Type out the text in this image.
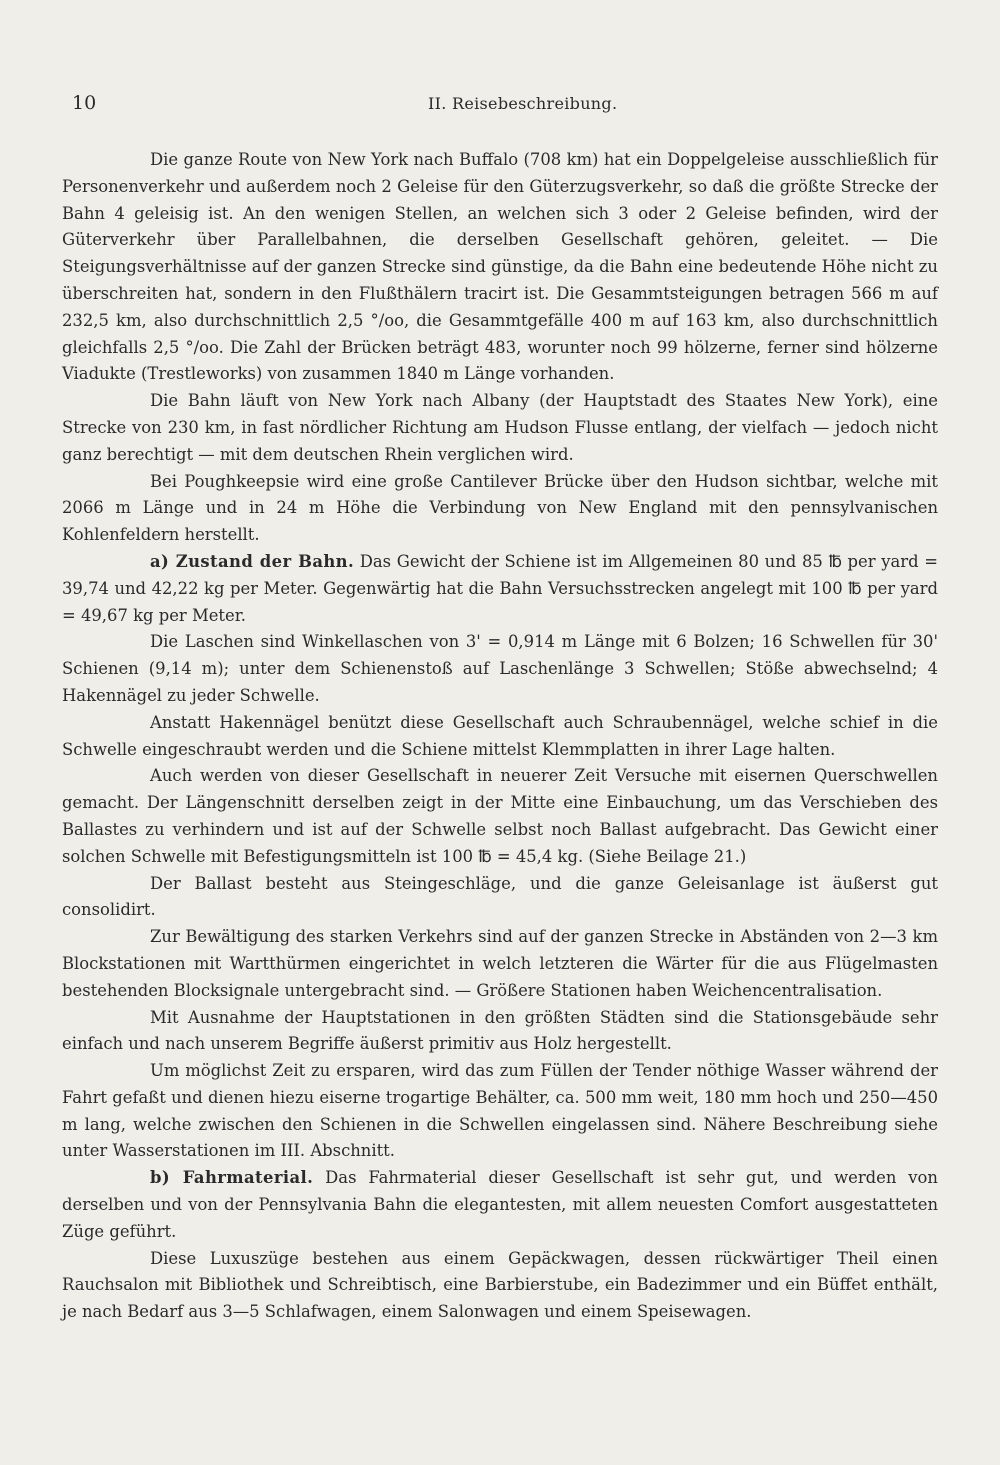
10	II. Reisebeschreibung.

Die ganze Route von New York nach Buffalo (708 km) hat ein Doppelgeleise ausschließlich für Personenverkehr und außerdem noch 2 Geleise für den Güterzugsverkehr, so daß die größte Strecke der Bahn 4 geleisig ist. An den wenigen Stellen, an welchen sich 3 oder 2 Geleise befinden, wird der Güterverkehr über Parallelbahnen, die derselben Gesellschaft gehören, geleitet. — Die Steigungsverhältnisse auf der ganzen Strecke sind günstige, da die Bahn eine bedeutende Höhe nicht zu überschreiten hat, sondern in den Flußthälern tracirt ist. Die Gesammtsteigungen betragen 566 m auf 232,5 km, also durchschnittlich 2,5 °/oo, die Gesammtgefälle 400 m auf 163 km, also durchschnittlich gleichfalls 2,5 °/oo. Die Zahl der Brücken beträgt 483, worunter noch 99 hölzerne, ferner sind hölzerne Viadukte (Trestleworks) von zusammen 1840 m Länge vorhanden.

Die Bahn läuft von New York nach Albany (der Hauptstadt des Staates New York), eine Strecke von 230 km, in fast nördlicher Richtung am Hudson Flusse entlang, der vielfach — jedoch nicht ganz berechtigt — mit dem deutschen Rhein verglichen wird.

Bei Poughkeepsie wird eine große Cantilever Brücke über den Hudson sichtbar, welche mit 2066 m Länge und in 24 m Höhe die Verbindung von New England mit den pennsylvanischen Kohlenfeldern herstellt.

a) Zustand der Bahn. Das Gewicht der Schiene ist im Allgemeinen 80 und 85 ℔ per yard = 39,74 und 42,22 kg per Meter. Gegenwärtig hat die Bahn Versuchsstrecken angelegt mit 100 ℔ per yard = 49,67 kg per Meter.

Die Laschen sind Winkellaschen von 3' = 0,914 m Länge mit 6 Bolzen; 16 Schwellen für 30' Schienen (9,14 m); unter dem Schienenstoß auf Laschenlänge 3 Schwellen; Stöße abwechselnd; 4 Hakennägel zu jeder Schwelle.

Anstatt Hakennägel benützt diese Gesellschaft auch Schraubennägel, welche schief in die Schwelle eingeschraubt werden und die Schiene mittelst Klemmplatten in ihrer Lage halten.

Auch werden von dieser Gesellschaft in neuerer Zeit Versuche mit eisernen Querschwellen gemacht. Der Längenschnitt derselben zeigt in der Mitte eine Einbauchung, um das Verschieben des Ballastes zu verhindern und ist auf der Schwelle selbst noch Ballast aufgebracht. Das Gewicht einer solchen Schwelle mit Befestigungsmitteln ist 100 ℔ = 45,4 kg. (Siehe Beilage 21.)

Der Ballast besteht aus Steingeschläge, und die ganze Geleisanlage ist äußerst gut consolidirt.

Zur Bewältigung des starken Verkehrs sind auf der ganzen Strecke in Abständen von 2—3 km Blockstationen mit Wartthürmen eingerichtet in welch letzteren die Wärter für die aus Flügelmasten bestehenden Blocksignale untergebracht sind. — Größere Stationen haben Weichencentralisation.

Mit Ausnahme der Hauptstationen in den größten Städten sind die Stationsgebäude sehr einfach und nach unserem Begriffe äußerst primitiv aus Holz hergestellt.

Um möglichst Zeit zu ersparen, wird das zum Füllen der Tender nöthige Wasser während der Fahrt gefaßt und dienen hiezu eiserne trogartige Behälter, ca. 500 mm weit, 180 mm hoch und 250—450 m lang, welche zwischen den Schienen in die Schwellen eingelassen sind. Nähere Beschreibung siehe unter Wasserstationen im III. Abschnitt.

b) Fahrmaterial. Das Fahrmaterial dieser Gesellschaft ist sehr gut, und werden von derselben und von der Pennsylvania Bahn die elegantesten, mit allem neuesten Comfort ausgestatteten Züge geführt.

Diese Luxuszüge bestehen aus einem Gepäckwagen, dessen rückwärtiger Theil einen Rauchsalon mit Bibliothek und Schreibtisch, eine Barbierstube, ein Badezimmer und ein Büffet enthält, je nach Bedarf aus 3—5 Schlafwagen, einem Salonwagen und einem Speisewagen.
